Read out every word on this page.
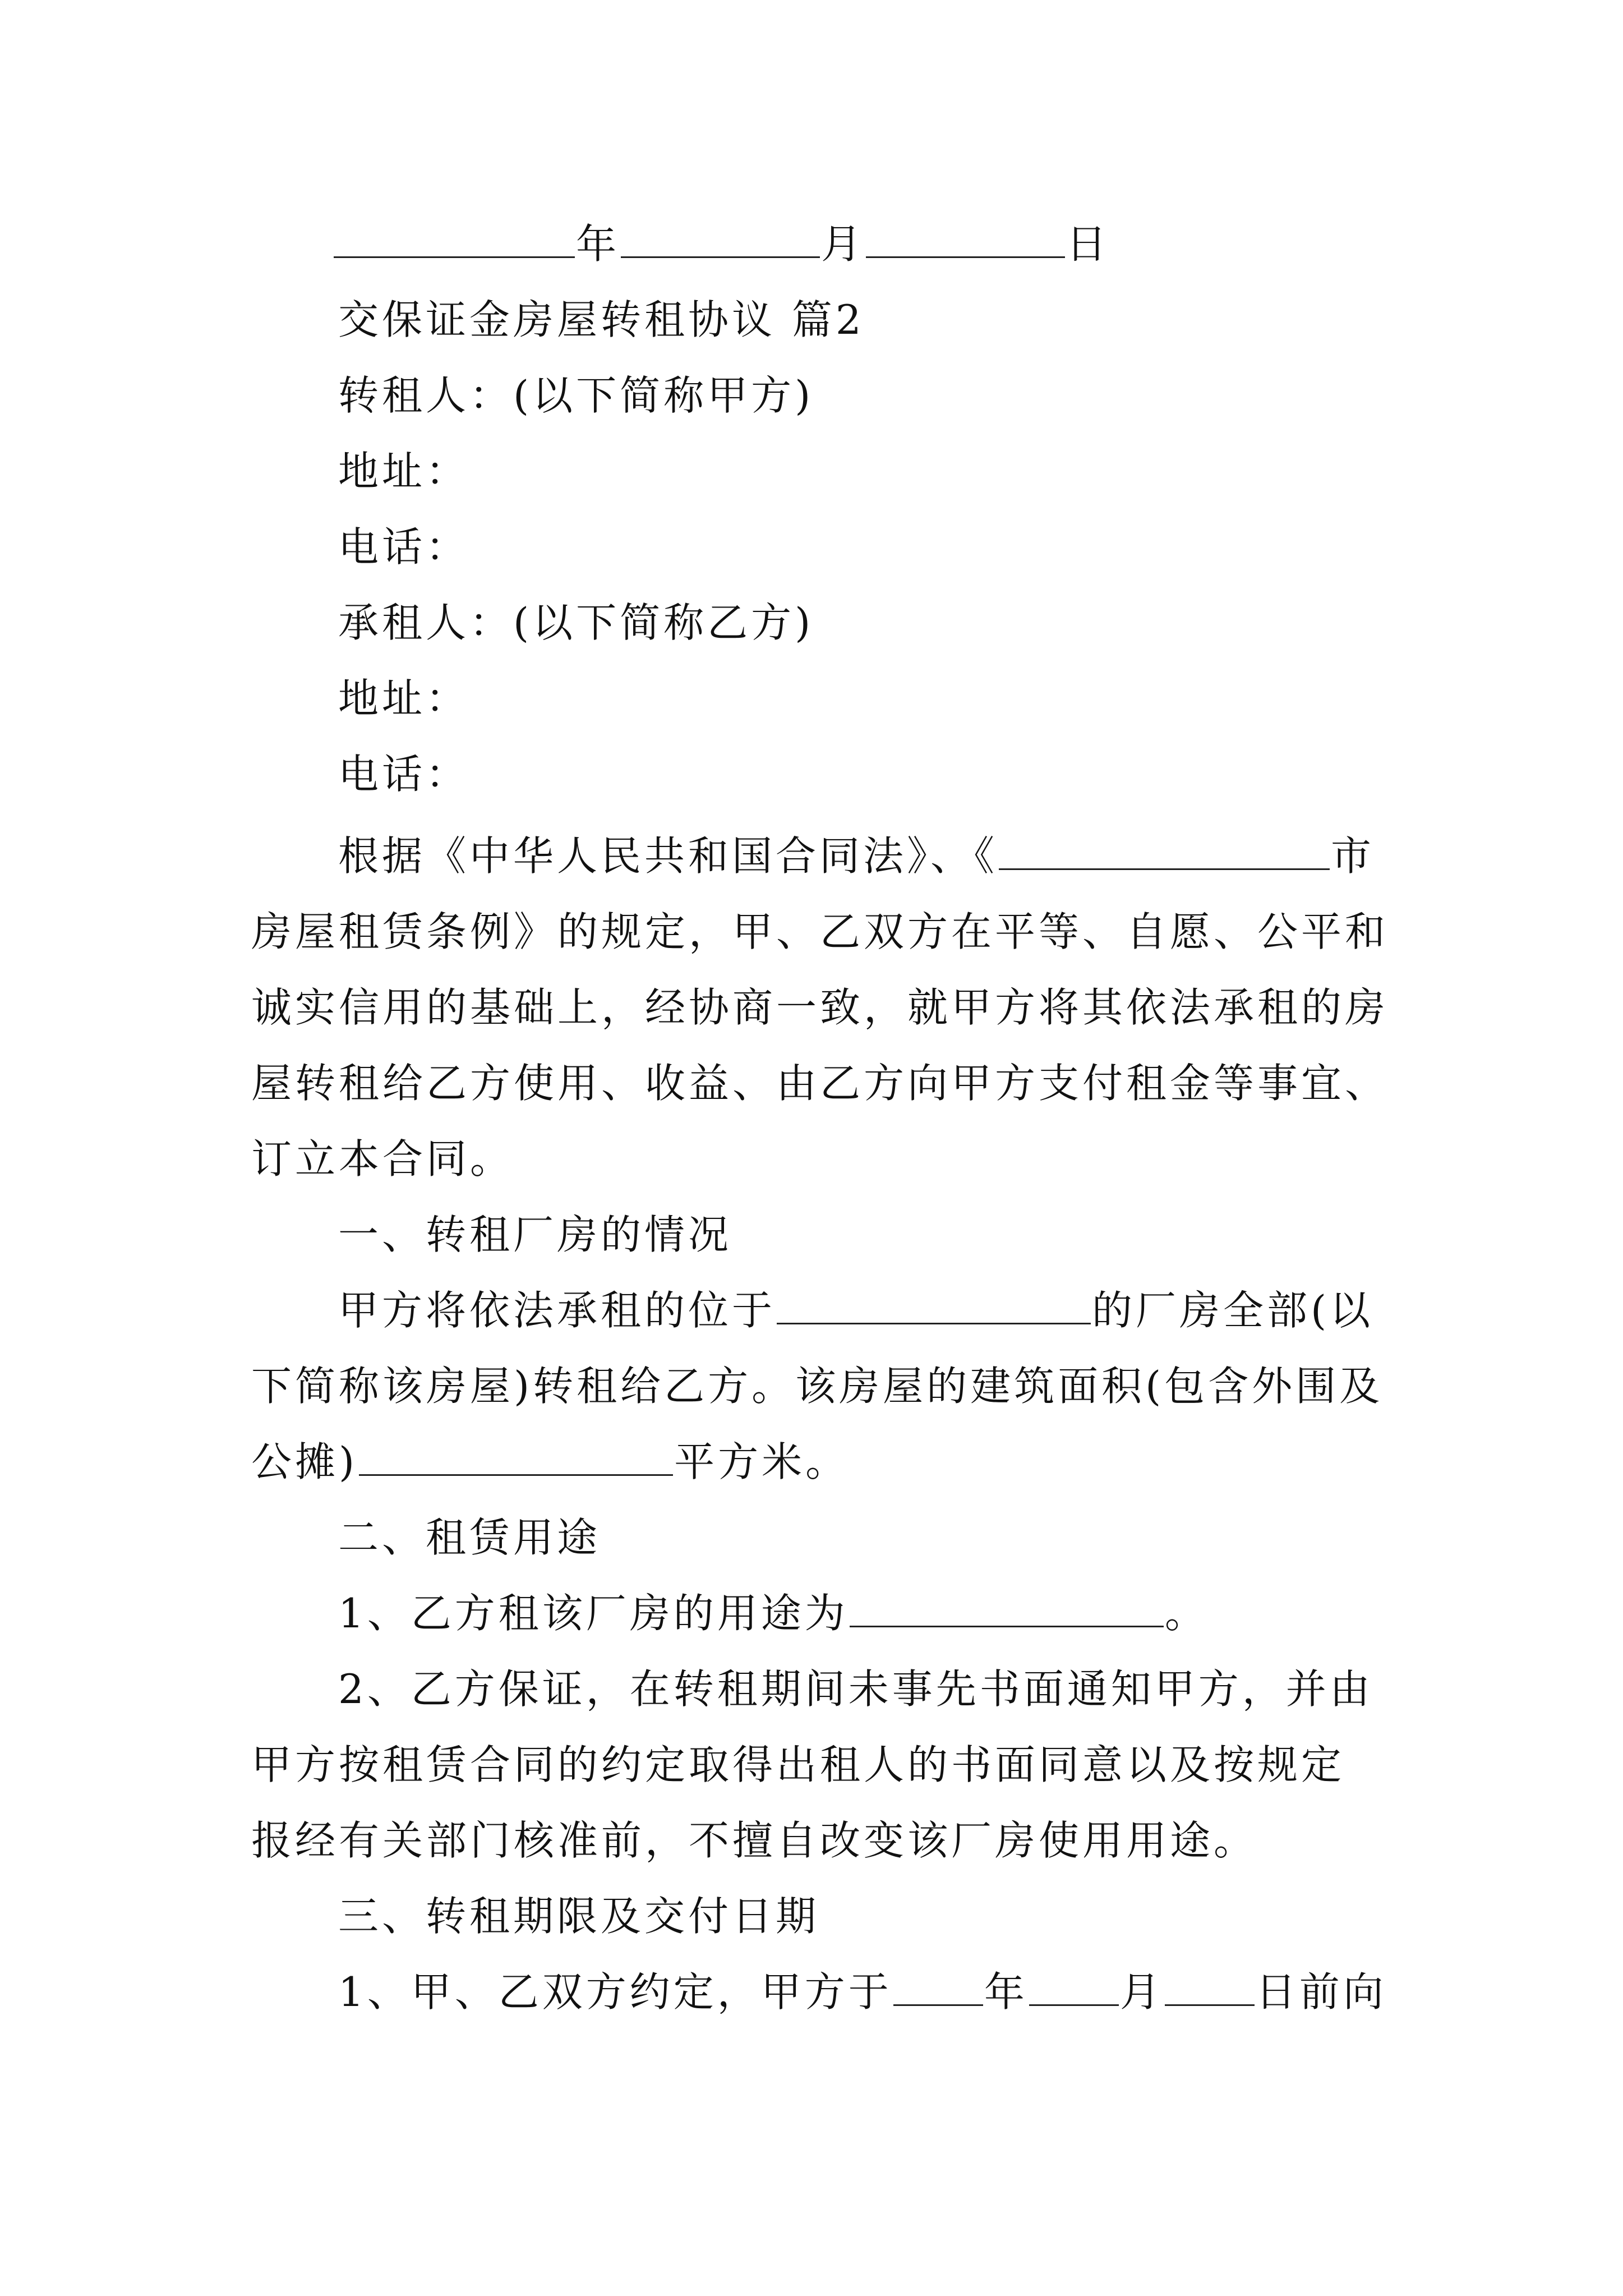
年	月	日
交保证金房屋转租协议 篇2
转租人：(以下简称甲方)
地址：
电话：
承租人：(以下简称乙方)
地址：
电话：
根据《中华人民共和国合同法》、《	市
房屋租赁条例》的规定，甲、乙双方在平等、自愿、公平和
诚实信用的基础上，经协商一致，就甲方将其依法承租的房
屋转租给乙方使用、收益、由乙方向甲方支付租金等事宜、
订立本合同。
一、转租厂房的情况
甲方将依法承租的位于	的厂房全部(以
下简称该房屋)转租给乙方。该房屋的建筑面积(包含外围及
公摊)	平方米。
二、租赁用途
1、乙方租该厂房的用途为	。
2、乙方保证，在转租期间未事先书面通知甲方，并由
甲方按租赁合同的约定取得出租人的书面同意以及按规定
报经有关部门核准前，不擅自改变该厂房使用用途。
三、转租期限及交付日期
1、甲、乙双方约定，甲方于 年 月 日前向
